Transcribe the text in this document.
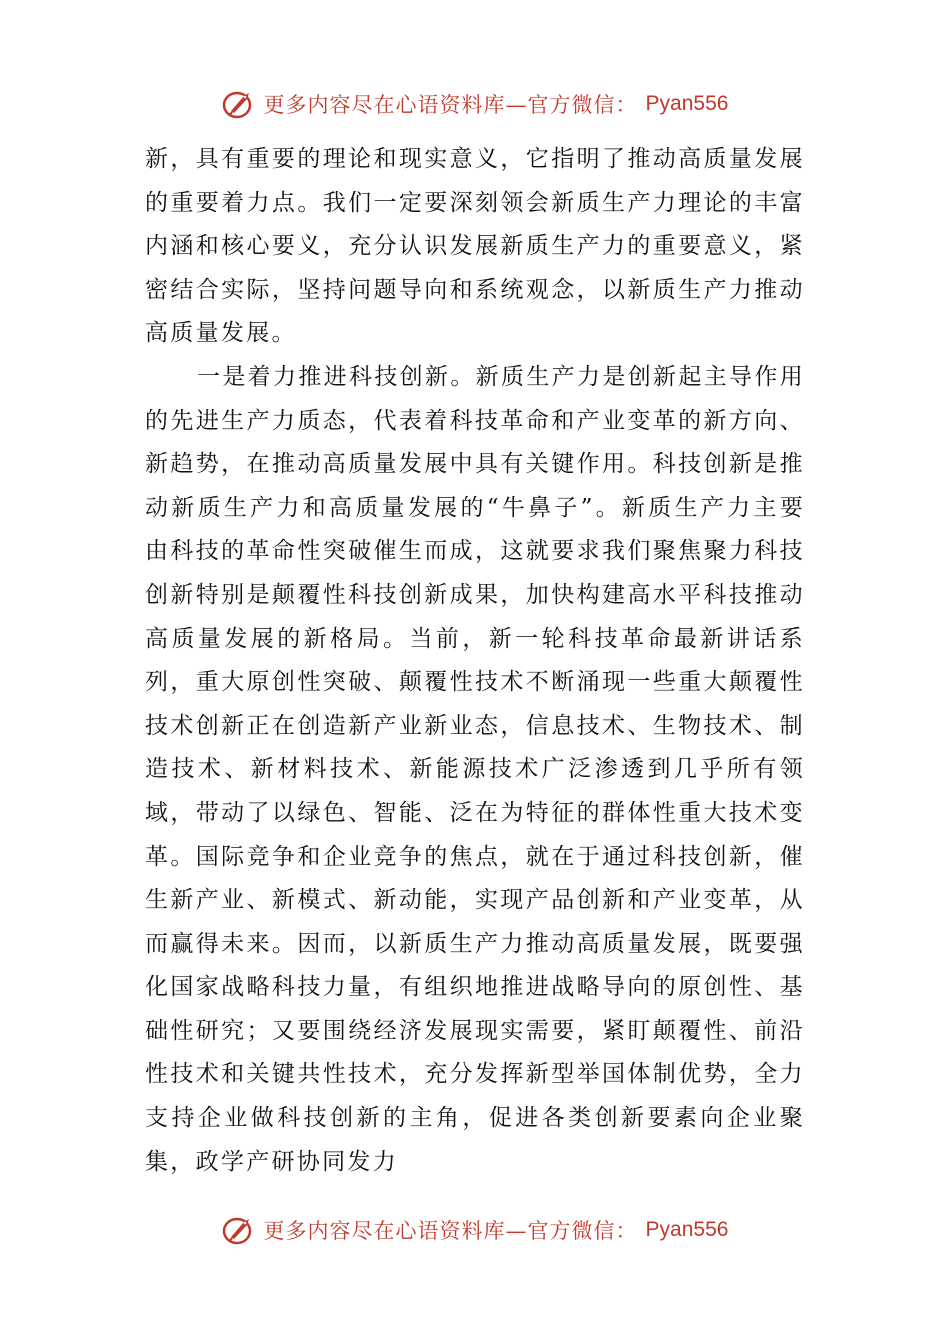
更多内容尽在心语资料库—官方微信： Pyan556

新，具有重要的理论和现实意义，它指明了推动高质量发展的重要着力点。我们一定要深刻领会新质生产力理论的丰富内涵和核心要义，充分认识发展新质生产力的重要意义，紧密结合实际，坚持问题导向和系统观念，以新质生产力推动高质量发展。

一是着力推进科技创新。新质生产力是创新起主导作用的先进生产力质态，代表着科技革命和产业变革的新方向、新趋势，在推动高质量发展中具有关键作用。科技创新是推动新质生产力和高质量发展的“牛鼻子”。新质生产力主要由科技的革命性突破催生而成，这就要求我们聚焦聚力科技创新特别是颠覆性科技创新成果，加快构建高水平科技推动高质量发展的新格局。当前，新一轮科技革命最新讲话系列，重大原创性突破、颠覆性技术不断涌现一些重大颠覆性技术创新正在创造新产业新业态，信息技术、生物技术、制造技术、新材料技术、新能源技术广泛渗透到几乎所有领域，带动了以绿色、智能、泛在为特征的群体性重大技术变革。国际竞争和企业竞争的焦点，就在于通过科技创新，催生新产业、新模式、新动能，实现产品创新和产业变革，从而赢得未来。因而，以新质生产力推动高质量发展，既要强化国家战略科技力量，有组织地推进战略导向的原创性、基础性研究；又要围绕经济发展现实需要，紧盯颠覆性、前沿性技术和关键共性技术，充分发挥新型举国体制优势，全力支持企业做科技创新的主角，促进各类创新要素向企业聚集，政学产研协同发力

更多内容尽在心语资料库—官方微信： Pyan556
